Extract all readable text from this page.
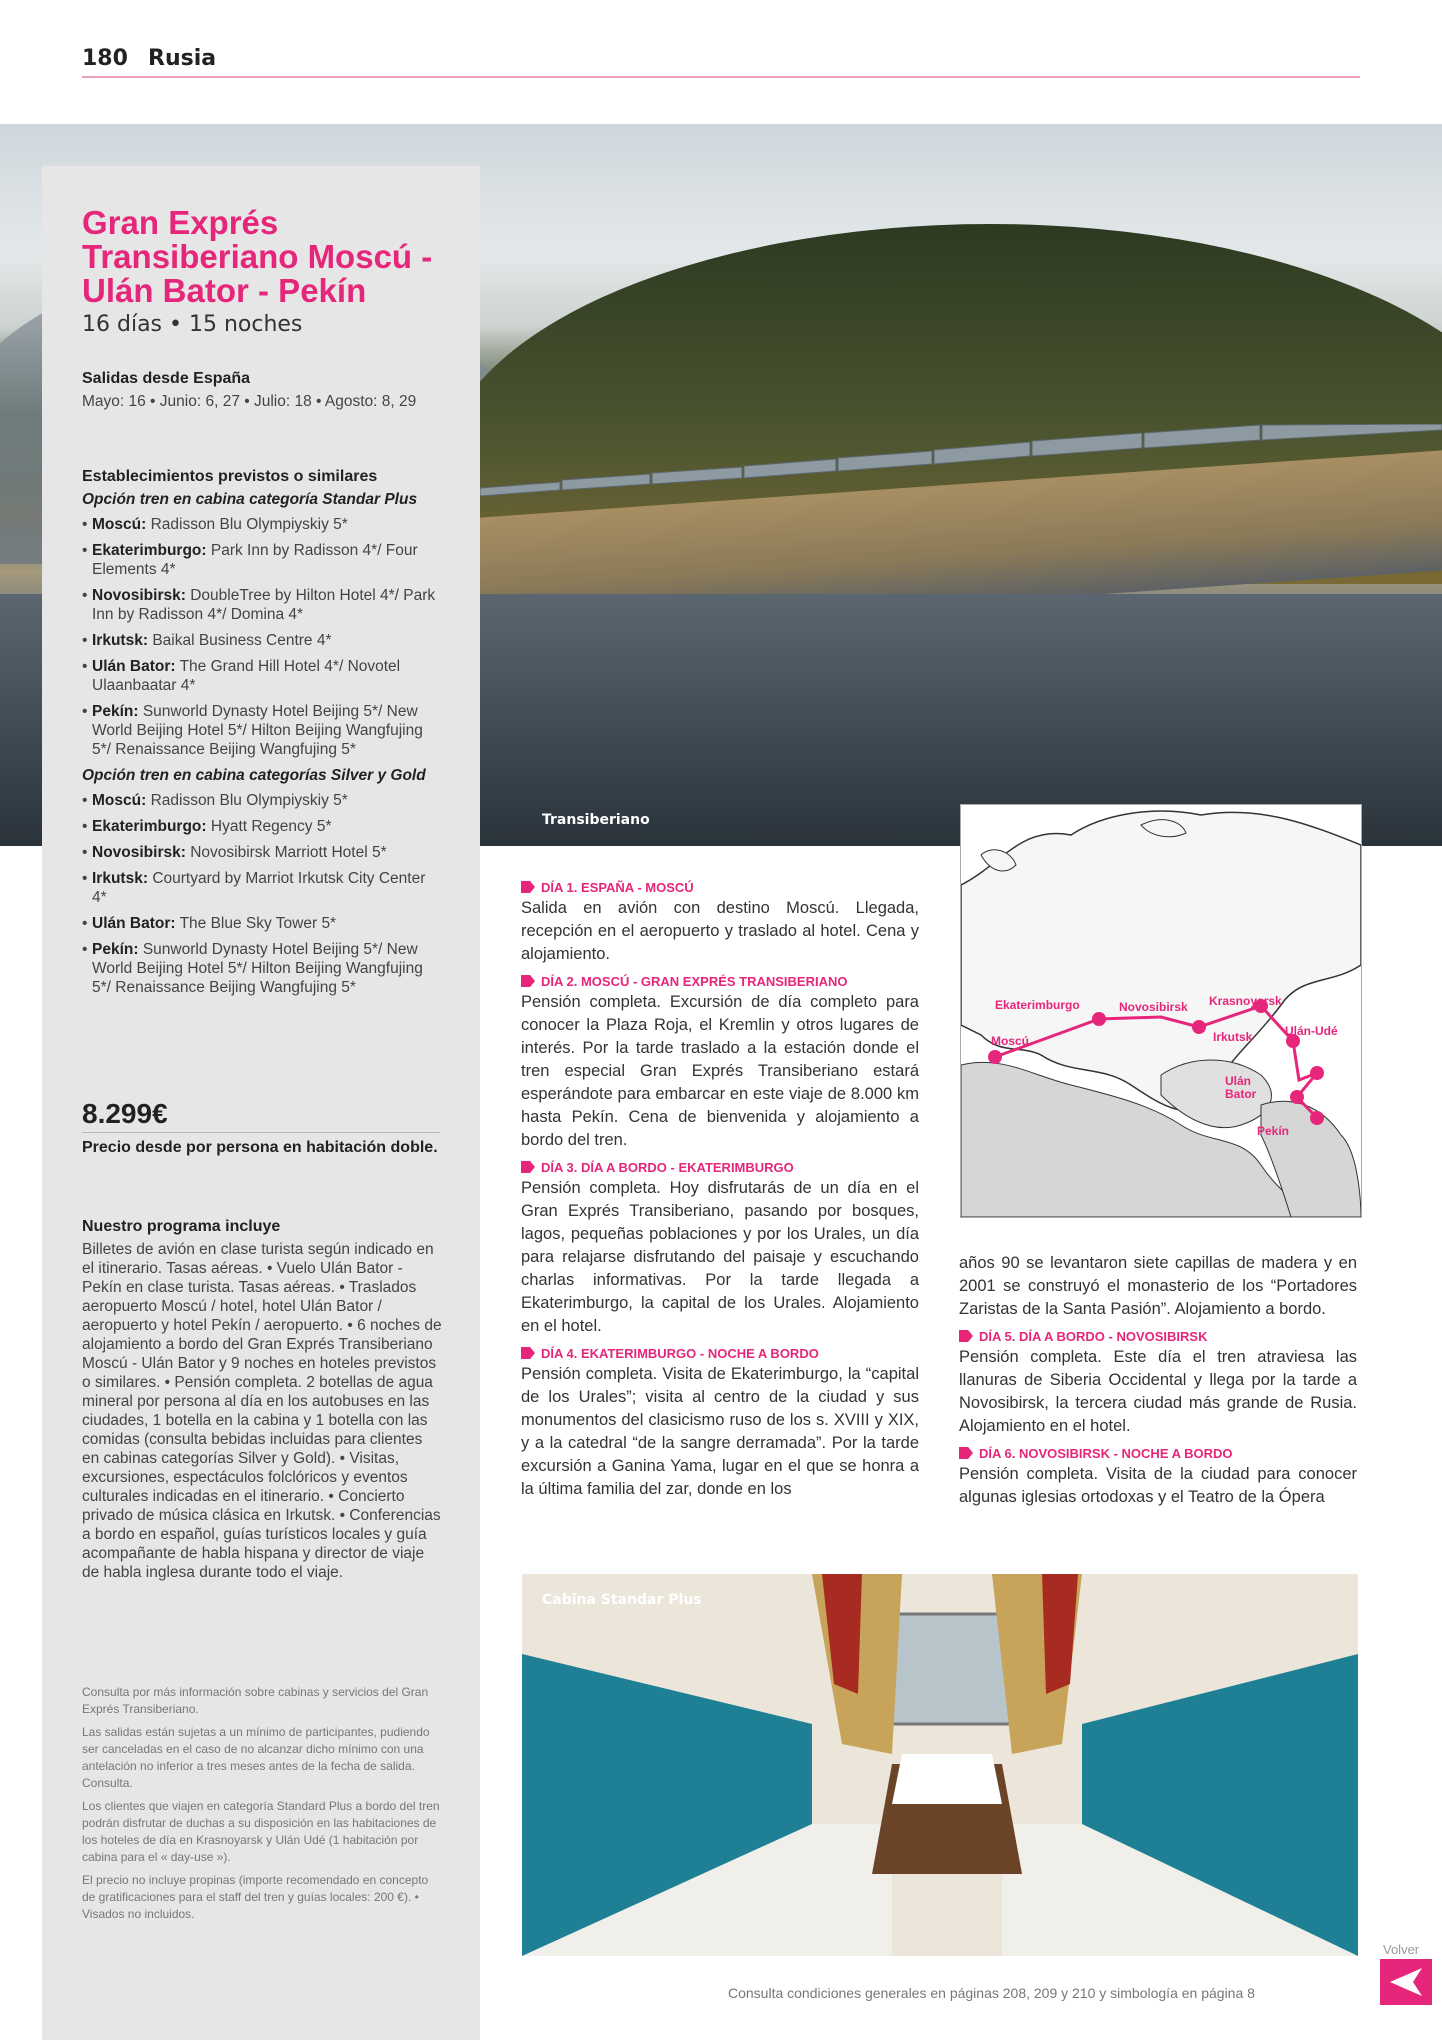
180 Rusia
Transiberiano
Gran Exprés Transiberiano Moscú - Ulán Bator - Pekín
16 días • 15 noches
Salidas desde España
Mayo: 16 • Junio: 6, 27 • Julio: 18 • Agosto: 8, 29
Establecimientos previstos o similares
Opción tren en cabina categoría Standar Plus
• Moscú: Radisson Blu Olympiyskiy 5*
• Ekaterimburgo: Park Inn by Radisson 4*/ Four Elements 4*
• Novosibirsk: DoubleTree by Hilton Hotel 4*/ Park Inn by Radisson 4*/ Domina 4*
• Irkutsk: Baikal Business Centre 4*
• Ulán Bator: The Grand Hill Hotel 4*/ Novotel Ulaanbaatar 4*
• Pekín: Sunworld Dynasty Hotel Beijing 5*/ New World Beijing Hotel 5*/ Hilton Beijing Wangfujing 5*/ Renaissance Beijing Wangfujing 5*
Opción tren en cabina categorías Silver y Gold
• Moscú: Radisson Blu Olympiyskiy 5*
• Ekaterimburgo: Hyatt Regency 5*
• Novosibirsk: Novosibirsk Marriott Hotel 5*
• Irkutsk: Courtyard by Marriot Irkutsk City Center 4*
• Ulán Bator: The Blue Sky Tower 5*
• Pekín: Sunworld Dynasty Hotel Beijing 5*/ New World Beijing Hotel 5*/ Hilton Beijing Wangfujing 5*/ Renaissance Beijing Wangfujing 5*
8.299€
Precio desde por persona en habitación doble.
Nuestro programa incluye
Billetes de avión en clase turista según indicado en el itinerario. Tasas aéreas. • Vuelo Ulán Bator - Pekín en clase turista. Tasas aéreas. • Traslados aeropuerto Moscú / hotel, hotel Ulán Bator / aeropuerto y hotel Pekín / aeropuerto. • 6 noches de alojamiento a bordo del Gran Exprés Transiberiano Moscú - Ulán Bator y 9 noches en hoteles previstos o similares. • Pensión completa. 2 botellas de agua mineral por persona al día en los autobuses en las ciudades, 1 botella en la cabina y 1 botella con las comidas (consulta bebidas incluidas para clientes en cabinas categorías Silver y Gold). • Visitas, excursiones, espectáculos folclóricos y eventos culturales indicadas en el itinerario. • Concierto privado de música clásica en Irkutsk. • Conferencias a bordo en español, guías turísticos locales y guía acompañante de habla hispana y director de viaje de habla inglesa durante todo el viaje.
Consulta por más información sobre cabinas y servicios del Gran Exprés Transiberiano.
Las salidas están sujetas a un mínimo de participantes, pudiendo ser canceladas en el caso de no alcanzar dicho mínimo con una antelación no inferior a tres meses antes de la fecha de salida. Consulta.
Los clientes que viajen en categoría Standard Plus a bordo del tren podrán disfrutar de duchas a su disposición en las habitaciones de los hoteles de día en Krasnoyarsk y Ulán Udé (1 habitación por cabina para el « day-use »).
El precio no incluye propinas (importe recomendado en concepto de gratificaciones para el staff del tren y guías locales: 200 €). • Visados no incluidos.
DÍA 1. ESPAÑA - MOSCÚ
Salida en avión con destino Moscú. Llegada, recepción en el aeropuerto y traslado al hotel. Cena y alojamiento.
DÍA 2. MOSCÚ - GRAN EXPRÉS TRANSIBERIANO
Pensión completa. Excursión de día completo para conocer la Plaza Roja, el Kremlin y otros lugares de interés. Por la tarde traslado a la estación donde el tren especial Gran Exprés Transiberiano estará esperándote para embarcar en este viaje de 8.000 km hasta Pekín. Cena de bienvenida y alojamiento a bordo del tren.
DÍA 3. DÍA A BORDO - EKATERIMBURGO
Pensión completa. Hoy disfrutarás de un día en el Gran Exprés Transiberiano, pasando por bosques, lagos, pequeñas poblaciones y por los Urales, un día para relajarse disfrutando del paisaje y escuchando charlas informativas. Por la tarde llegada a Ekaterimburgo, la capital de los Urales. Alojamiento en el hotel.
DÍA 4. EKATERIMBURGO - NOCHE A BORDO
Pensión completa. Visita de Ekaterimburgo, la “capital de los Urales”; visita al centro de la ciudad y sus monumentos del clasicismo ruso de los s. XVIII y XIX, y a la catedral “de la sangre derramada”. Por la tarde excursión a Ganina Yama, lugar en el que se honra a la última familia del zar, donde en los
Moscú
Ekaterimburgo	Novosibirsk Krasnoyarsk
Irkutsk	Ulán-Udé
Ulán
Bator
Pekín
años 90 se levantaron siete capillas de madera y en 2001 se construyó el monasterio de los “Portadores Zaristas de la Santa Pasión”. Alojamiento a bordo.
DÍA 5. DÍA A BORDO - NOVOSIBIRSK
Pensión completa. Este día el tren atraviesa las llanuras de Siberia Occidental y llega por la tarde a Novosibirsk, la tercera ciudad más grande de Rusia. Alojamiento en el hotel.
DÍA 6. NOVOSIBIRSK - NOCHE A BORDO
Pensión completa. Visita de la ciudad para conocer algunas iglesias ortodoxas y el Teatro de la Ópera
Cabina Standar Plus
Consulta condiciones generales en páginas 208, 209 y 210 y simbología en página 8
Volver
